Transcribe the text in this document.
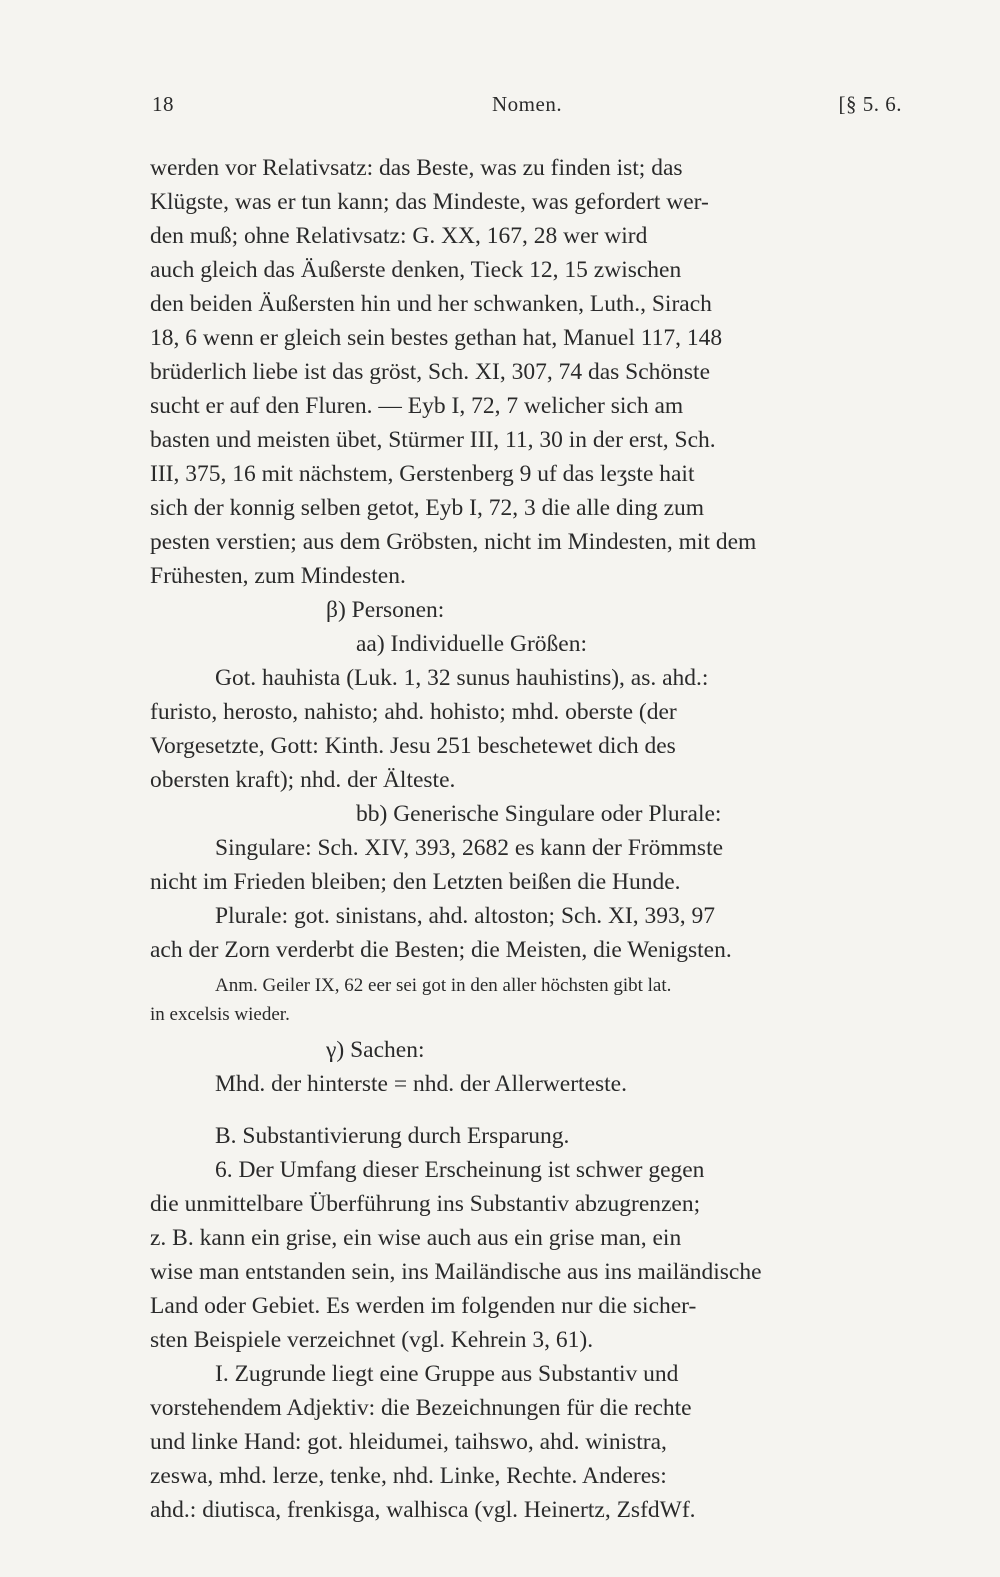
18	Nomen.	[§ 5. 6.
werden vor Relativsatz: das Beste, was zu finden ist; das
Klügste, was er tun kann; das Mindeste, was gefordert wer-
den muß; ohne Relativsatz: G. XX, 167, 28 wer wird
auch gleich das Äußerste denken, Tieck 12, 15 zwischen
den beiden Äußersten hin und her schwanken, Luth., Sirach
18, 6 wenn er gleich sein bestes gethan hat, Manuel 117, 148
brüderlich liebe ist das gröst, Sch. XI, 307, 74 das Schönste
sucht er auf den Fluren. — Eyb I, 72, 7 welicher sich am
basten und meisten übet, Stürmer III, 11, 30 in der erst, Sch.
III, 375, 16 mit nächstem, Gerstenberg 9 uf das leʒste hait
sich der konnig selben getot, Eyb I, 72, 3 die alle ding zum
pesten verstien; aus dem Gröbsten, nicht im Mindesten, mit dem
Frühesten, zum Mindesten.
β) Personen:
aa) Individuelle Größen:
Got. hauhista (Luk. 1, 32 sunus hauhistins), as. ahd.:
furisto, herosto, nahisto; ahd. hohisto; mhd. oberste (der
Vorgesetzte, Gott: Kinth. Jesu 251 beschetewet dich des
obersten kraft); nhd. der Älteste.
bb) Generische Singulare oder Plurale:
Singulare: Sch. XIV, 393, 2682 es kann der Frömmste
nicht im Frieden bleiben; den Letzten beißen die Hunde.
Plurale: got. sinistans, ahd. altoston; Sch. XI, 393, 97
ach der Zorn verderbt die Besten; die Meisten, die Wenigsten.
Anm. Geiler IX, 62 eer sei got in den aller höchsten gibt lat.
in excelsis wieder.
γ) Sachen:
Mhd. der hinterste = nhd. der Allerwerteste.
B. Substantivierung durch Ersparung.
6. Der Umfang dieser Erscheinung ist schwer gegen
die unmittelbare Überführung ins Substantiv abzugrenzen;
z. B. kann ein grise, ein wise auch aus ein grise man, ein
wise man entstanden sein, ins Mailändische aus ins mailändische
Land oder Gebiet. Es werden im folgenden nur die sicher-
sten Beispiele verzeichnet (vgl. Kehrein 3, 61).
I. Zugrunde liegt eine Gruppe aus Substantiv und
vorstehendem Adjektiv: die Bezeichnungen für die rechte
und linke Hand: got. hleidumei, taihswo, ahd. winistra,
zeswa, mhd. lerze, tenke, nhd. Linke, Rechte. Anderes:
ahd.: diutisca, frenkisga, walhisca (vgl. Heinertz, ZsfdWf.
